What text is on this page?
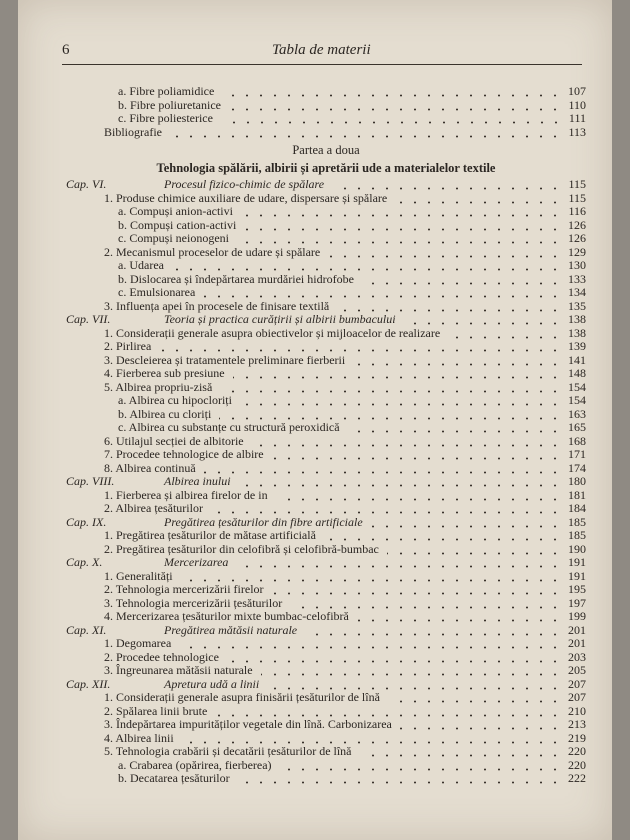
6	Tabla de materii
a. Fibre poliamidice	107
b. Fibre poliuretanice	110
c. Fibre poliesterice	111
Bibliografie	113
Partea a doua
Tehnologia spălării, albirii și apretării ude a materialelor textile
Cap. VI.	Procesul fizico-chimic de spălare	115
1. Produse chimice auxiliare de udare, dispersare și spălare	115
a. Compuși anion-activi	116
b. Compuși cation-activi	126
c. Compuși neionogeni	126
2. Mecanismul proceselor de udare și spălare	129
a. Udarea	130
b. Dislocarea și îndepărtarea murdăriei hidrofobe	133
c. Emulsionarea	134
3. Influența apei în procesele de finisare textilă	135
Cap. VII.	Teoria și practica curățirii și albirii bumbacului	138
1. Considerații generale asupra obiectivelor și mijloacelor de realizare	138
2. Pirlirea	139
3. Descleierea și tratamentele preliminare fierberii	141
4. Fierberea sub presiune	148
5. Albirea propriu-zisă	154
a. Albirea cu hipocloriți	154
b. Albirea cu cloriți	163
c. Albirea cu substanțe cu structură peroxidică	165
6. Utilajul secției de albitorie	168
7. Procedee tehnologice de albire	171
8. Albirea continuă	174
Cap. VIII.	Albirea inului	180
1. Fierberea și albirea firelor de in	181
2. Albirea țesăturilor	184
Cap. IX.	Pregătirea țesăturilor din fibre artificiale	185
1. Pregătirea țesăturilor de mătase artificială	185
2. Pregătirea țesăturilor din celofibră și celofibră-bumbac	190
Cap. X.	Mercerizarea	191
1. Generalități	191
2. Tehnologia mercerizării firelor	195
3. Tehnologia mercerizării țesăturilor	197
4. Mercerizarea țesăturilor mixte bumbac-celofibră	199
Cap. XI.	Pregătirea mătăsii naturale	201
1. Degomarea	201
2. Procedee tehnologice	203
3. Îngreunarea mătăsii naturale	205
Cap. XII.	Apretura udă a linii	207
1. Considerații generale asupra finisării țesăturilor de lînă	207
2. Spălarea linii brute	210
3. Îndepărtarea impurităților vegetale din lînă. Carbonizarea	213
4. Albirea linii	219
5. Tehnologia crabării și decatării țesăturilor de lînă	220
a. Crabarea (opărirea, fierberea)	220
b. Decatarea țesăturilor	222
